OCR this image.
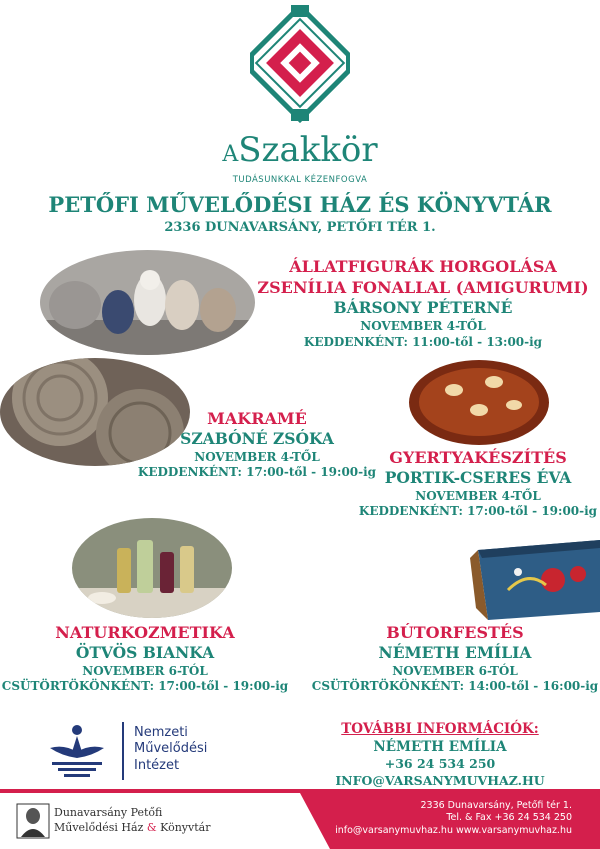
ASzakkör
TUDÁSUNKKAL KÉZENFOGVA
PETŐFI MŰVELŐDÉSI HÁZ ÉS KÖNYVTÁR
2336 DUNAVARSÁNY, PETŐFI TÉR 1.
ÁLLATFIGURÁK HORGOLÁSA
ZSENÍLIA FONALLAL (AMIGURUMI)
BÁRSONY PÉTERNÉ
NOVEMBER 4-TŐL
KEDDENKÉNT: 11:00-től - 13:00-ig
MAKRAMÉ
SZABÓNÉ ZSÓKA
NOVEMBER 4-TŐL
KEDDENKÉNT: 17:00-től - 19:00-ig
GYERTYAKÉSZÍTÉS
PORTIK-CSERES ÉVA
NOVEMBER 4-TŐL
KEDDENKÉNT: 17:00-től - 19:00-ig
NATURKOZMETIKA
ÖTVÖS BIANKA
NOVEMBER 6-TÓL
CSÜTÖRTÖKÖNKÉNT: 17:00-től - 19:00-ig
BÚTORFESTÉS
NÉMETH EMÍLIA
NOVEMBER 6-TÓL
CSÜTÖRTÖKÖNKÉNT: 14:00-től - 16:00-ig
Nemzeti
Művelődési
Intézet
TOVÁBBI INFORMÁCIÓK:
NÉMETH EMÍLIA
+36 24 534 250
INFO@VARSANYMUVHAZ.HU
Dunavarsány Petőfi
Művelődési Ház & Könyvtár
2336 Dunavarsány, Petőfi tér 1.
Tel. & Fax +36 24 534 250
info@varsanymuvhaz.hu www.varsanymuvhaz.hu
